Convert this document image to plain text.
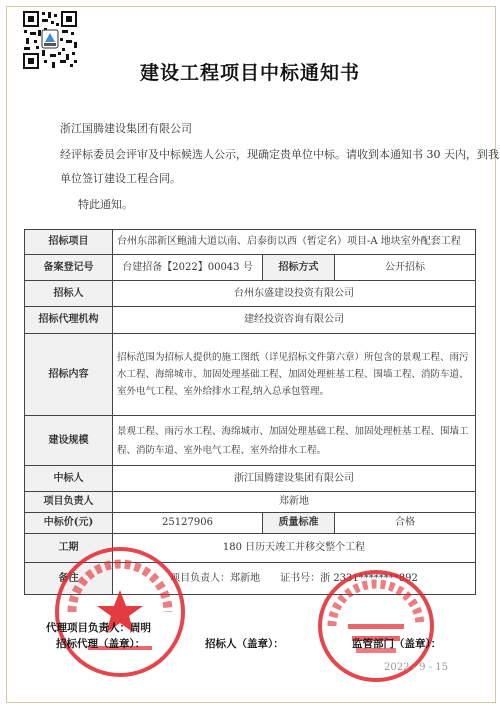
建设工程项目中标通知书
浙江国腾建设集团有限公司
经评标委员会评审及中标候选人公示，现确定贵单位中标。请收到本通知书 30 天内，到我
单位签订建设工程合同。
特此通知。
招标项目	台州东部新区鲍浦大道以南、启泰街以西（暂定名）项目-A 地块室外配套工程		
备案登记号	台建招备【2022】00043 号	招标方式	公开招标
招标人	台州东盛建设投资有限公司		
招标代理机构	建经投资咨询有限公司		
招标内容	招标范围为招标人提供的施工图纸（详见招标文件第六章）所包含的景观工程、雨污水工程、海绵城市、加固处理基础工程、加固处理桩基工程、围墙工程、消防车道、室外电气工程、室外给排水工程,纳入总承包管理。		
建设规模	景观工程、雨污水工程、海绵城市、加固处理基础工程、加固处理桩基工程、围墙工程、消防车道、室外电气工程、室外给排水工程。		
中标人	浙江国腾建设集团有限公司		
项目负责人	郑新地		
中标价(元)	25127906	质量标准	合格
工期	180 日历天竣工并移交整个工程		
备注	项目负责人：郑新地　　证书号：浙 2331********892		
代理项目负责人：周明
招标代理（盖章）：	招标人（盖章）：	监管部门（盖章）：
2022 - 9 - 15
